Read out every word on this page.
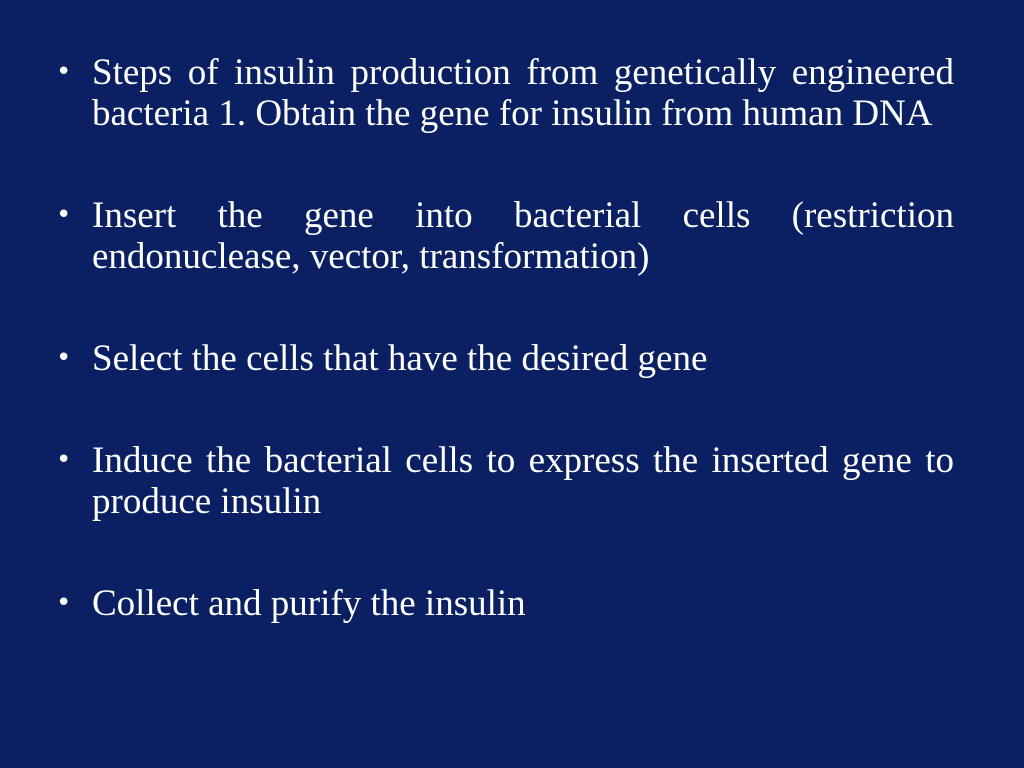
• Steps of insulin production from genetically engineered bacteria 1. Obtain the gene for insulin from human DNA
• Insert the gene into bacterial cells (restriction endonuclease, vector, transformation)
• Select the cells that have the desired gene
• Induce the bacterial cells to express the inserted gene to produce insulin
• Collect and purify the insulin
